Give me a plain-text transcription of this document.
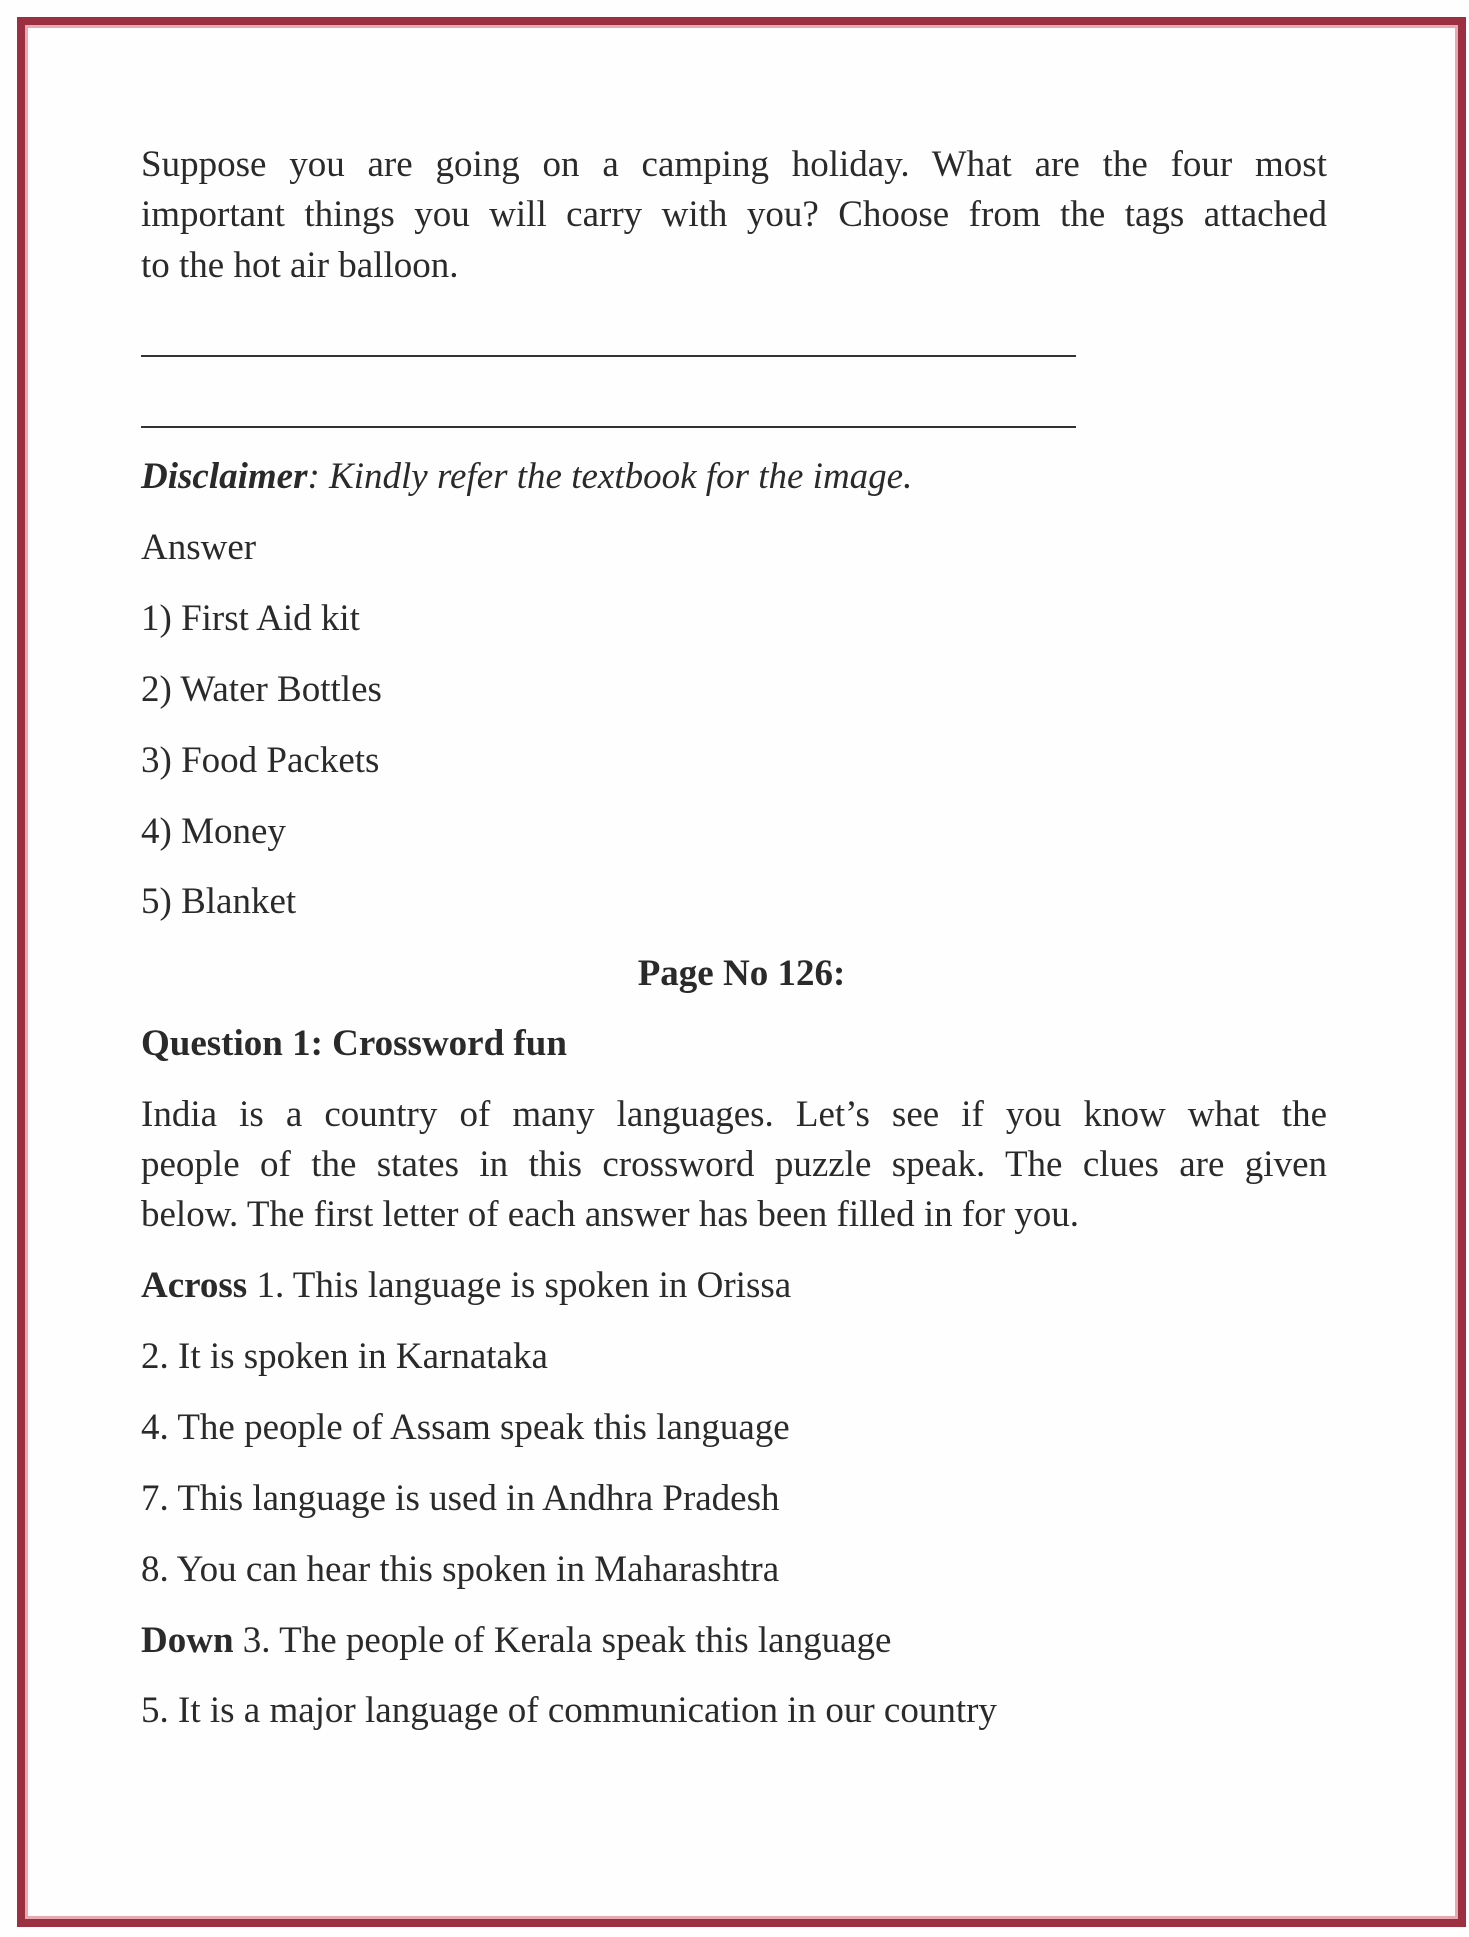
Suppose you are going on a camping holiday. What are the four most
important things you will carry with you? Choose from the tags attached
to the hot air balloon.
Disclaimer: Kindly refer the textbook for the image.
Answer
1) First Aid kit
2) Water Bottles
3) Food Packets
4) Money
5) Blanket
Page No 126:
Question 1: Crossword fun
India is a country of many languages. Let’s see if you know what the
people of the states in this crossword puzzle speak. The clues are given
below. The first letter of each answer has been filled in for you.
Across 1. This language is spoken in Orissa
2. It is spoken in Karnataka
4. The people of Assam speak this language
7. This language is used in Andhra Pradesh
8. You can hear this spoken in Maharashtra
Down 3. The people of Kerala speak this language
5. It is a major language of communication in our country
